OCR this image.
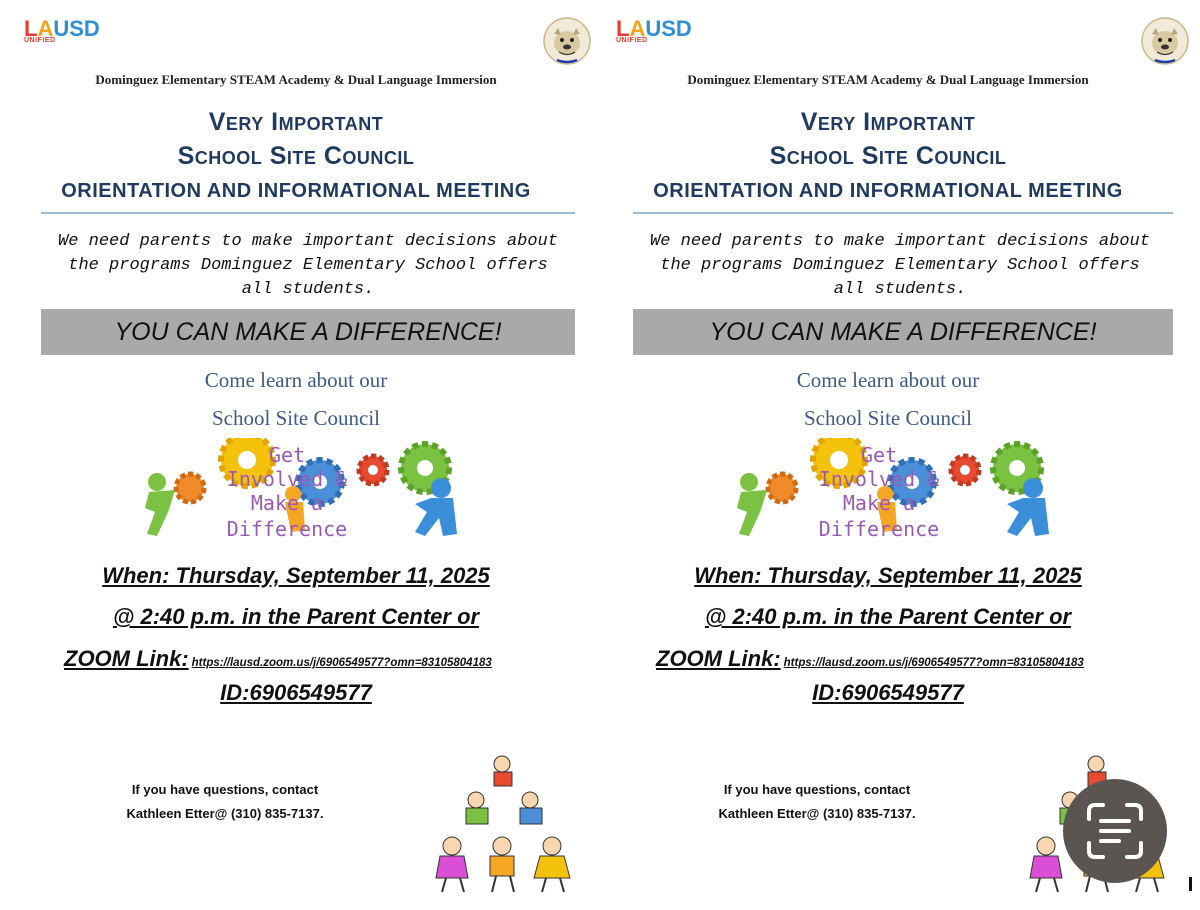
LAUSD
UNIFIED
Dominguez Elementary STEAM Academy & Dual Language Immersion
Very Important
School Site Council
ORIENTATION AND INFORMATIONAL MEETING
We need parents to make important decisions about
the programs Dominguez Elementary School offers
all students.
YOU CAN MAKE A DIFFERENCE!
Come learn about our
School Site Council
Get
Involved &
Make a
Difference
When: Thursday, September 11, 2025
@ 2:40 p.m. in the Parent Center or
ZOOM Link: https://lausd.zoom.us/j/6906549577?omn=83105804183
ID:6906549577
If you have questions, contact
Kathleen Etter@ (310) 835-7137.
LAUSD
UNIFIED
Dominguez Elementary STEAM Academy & Dual Language Immersion
Very Important
School Site Council
ORIENTATION AND INFORMATIONAL MEETING
We need parents to make important decisions about
the programs Dominguez Elementary School offers
all students.
YOU CAN MAKE A DIFFERENCE!
Come learn about our
School Site Council
Get
Involved &
Make a
Difference
When: Thursday, September 11, 2025
@ 2:40 p.m. in the Parent Center or
ZOOM Link: https://lausd.zoom.us/j/6906549577?omn=83105804183
ID:6906549577
If you have questions, contact
Kathleen Etter@ (310) 835-7137.
